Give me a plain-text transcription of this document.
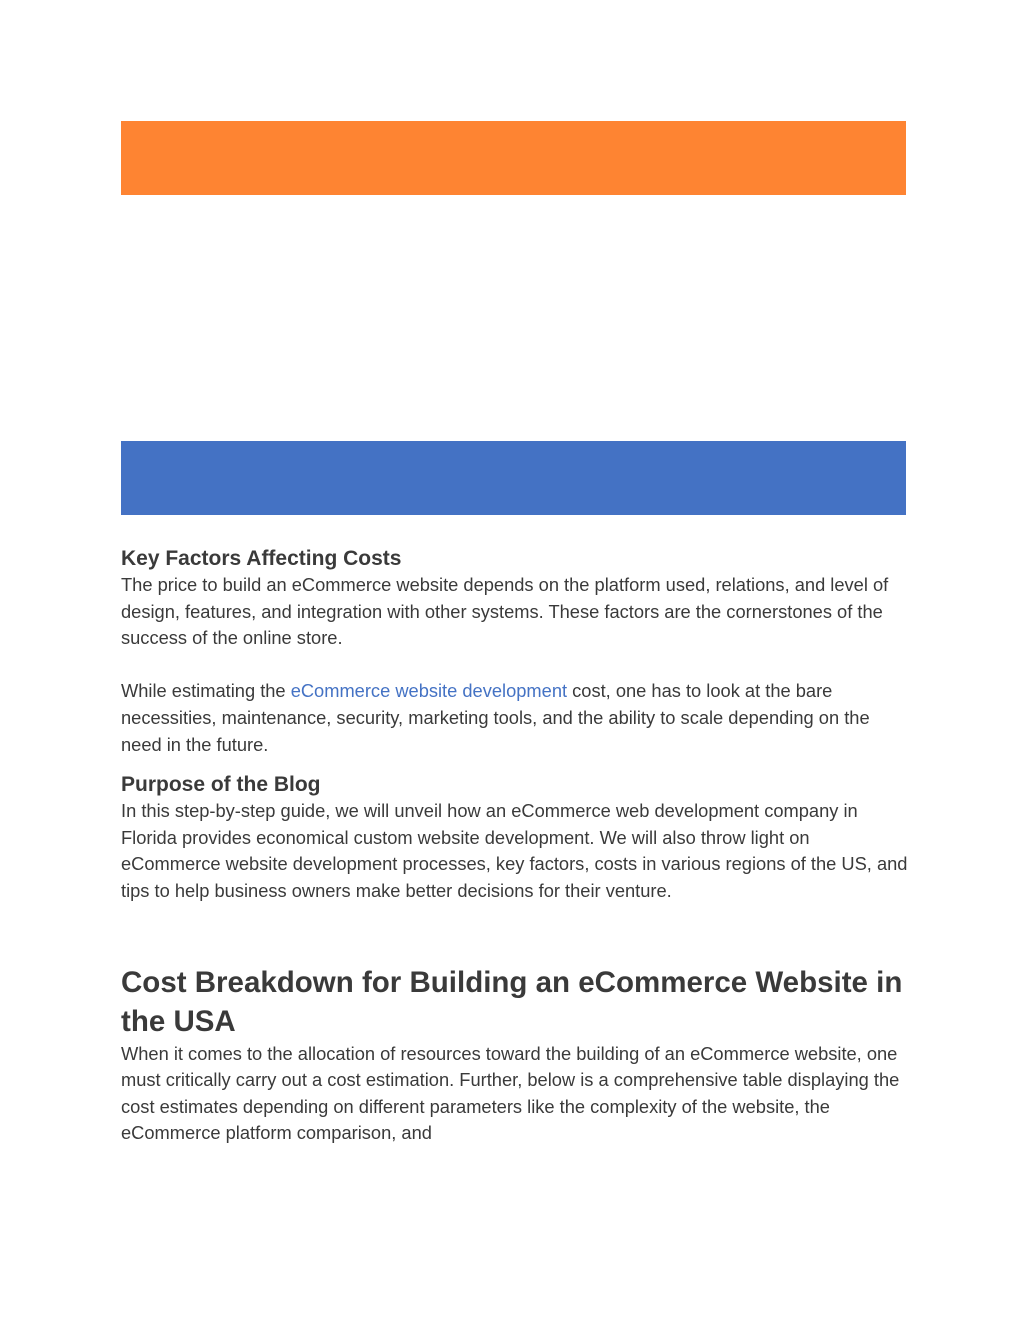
Key Factors Affecting Costs

The price to build an eCommerce website depends on the platform used, relations, and level of design, features, and integration with other systems. These factors are the cornerstones of the success of the online store.

While estimating the eCommerce website development cost, one has to look at the bare necessities, maintenance, security, marketing tools, and the ability to scale depending on the need in the future.

Purpose of the Blog

In this step-by-step guide, we will unveil how an eCommerce web development company in Florida provides economical custom website development. We will also throw light on eCommerce website development processes, key factors, costs in various regions of the US, and tips to help business owners make better decisions for their venture.

Cost Breakdown for Building an eCommerce Website in the USA

When it comes to the allocation of resources toward the building of an eCommerce website, one must critically carry out a cost estimation. Further, below is a comprehensive table displaying the cost estimates depending on different parameters like the complexity of the website, the eCommerce platform comparison, and
